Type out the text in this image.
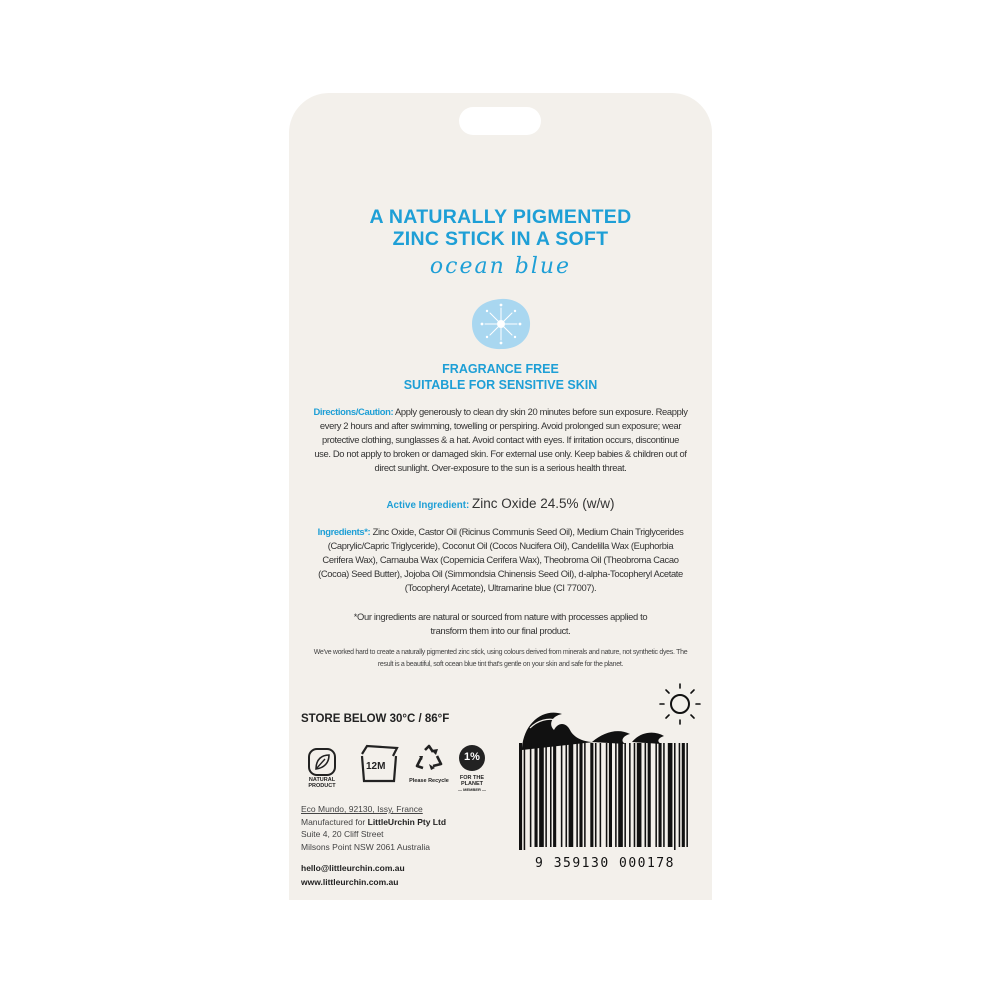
A NATURALLY PIGMENTED
ZINC STICK IN A SOFT
ocean blue
FRAGRANCE FREE
SUITABLE FOR SENSITIVE SKIN
Directions/Caution: Apply generously to clean dry skin 20 minutes before sun exposure. Reapply every 2 hours and after swimming, towelling or perspiring. Avoid prolonged sun exposure; wear protective clothing, sunglasses & a hat. Avoid contact with eyes. If irritation occurs, discontinue use. Do not apply to broken or damaged skin. For external use only. Keep babies & children out of direct sunlight. Over-exposure to the sun is a serious health threat.
Active Ingredient: Zinc Oxide 24.5% (w/w)
Ingredients*: Zinc Oxide, Castor Oil (Ricinus Communis Seed Oil), Medium Chain Triglycerides (Caprylic/Capric Triglyceride), Coconut Oil (Cocos Nucifera Oil), Candelilla Wax (Euphorbia Cerifera Wax), Carnauba Wax (Copernicia Cerifera Wax), Theobroma Oil (Theobroma Cacao (Cocoa) Seed Butter), Jojoba Oil (Simmondsia Chinensis Seed Oil), d-alpha-Tocopheryl Acetate (Tocopheryl Acetate), Ultramarine blue (CI 77007).
*Our ingredients are natural or sourced from nature with processes applied to transform them into our final product.
We've worked hard to create a naturally pigmented zinc stick, using colours derived from minerals and nature, not synthetic dyes. The result is a beautiful, soft ocean blue tint that's gentle on your skin and safe for the planet.
STORE BELOW 30°C / 86°F
NATURAL PRODUCT
12M
Please Recycle
1%
FOR THE PLANET
— MEMBER —
Eco Mundo, 92130, Issy, France
Manufactured for LittleUrchin Pty Ltd
Suite 4, 20 Cliff Street
Milsons Point NSW 2061 Australia
hello@littleurchin.com.au
www.littleurchin.com.au
9 359130 000178
